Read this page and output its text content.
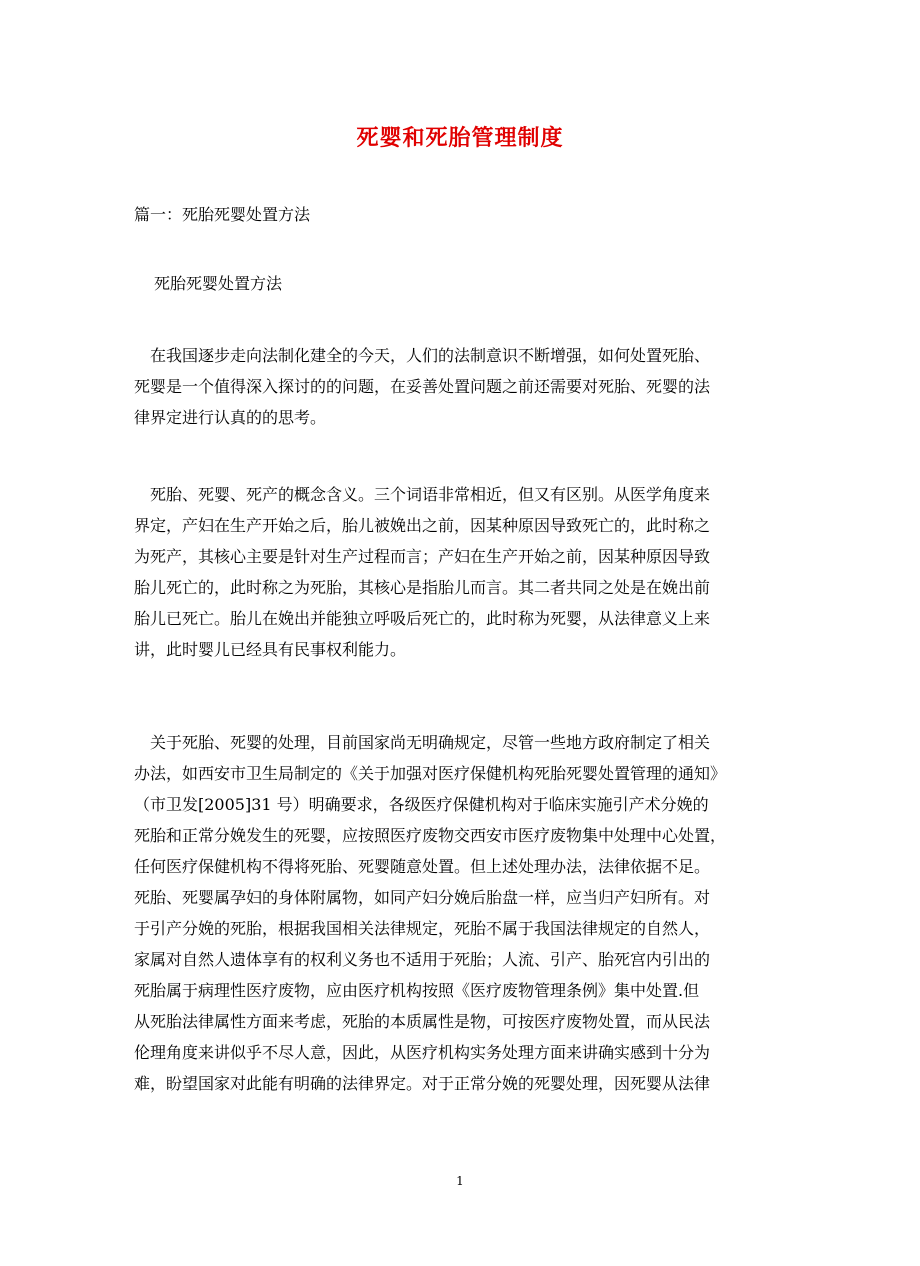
死婴和死胎管理制度
篇一：死胎死婴处置方法
死胎死婴处置方法
　在我国逐步走向法制化建全的今天，人们的法制意识不断增强，如何处置死胎、
死婴是一个值得深入探讨的的问题，在妥善处置问题之前还需要对死胎、死婴的法
律界定进行认真的的思考。
　死胎、死婴、死产的概念含义。三个词语非常相近，但又有区别。从医学角度来
界定，产妇在生产开始之后，胎儿被娩出之前，因某种原因导致死亡的，此时称之
为死产，其核心主要是针对生产过程而言；产妇在生产开始之前，因某种原因导致
胎儿死亡的，此时称之为死胎，其核心是指胎儿而言。其二者共同之处是在娩出前
胎儿已死亡。胎儿在娩出并能独立呼吸后死亡的，此时称为死婴，从法律意义上来
讲，此时婴儿已经具有民事权利能力。
　关于死胎、死婴的处理，目前国家尚无明确规定，尽管一些地方政府制定了相关
办法，如西安市卫生局制定的《关于加强对医疗保健机构死胎死婴处置管理的通知》
（市卫发[2005]31 号）明确要求，各级医疗保健机构对于临床实施引产术分娩的
死胎和正常分娩发生的死婴，应按照医疗废物交西安市医疗废物集中处理中心处置，
任何医疗保健机构不得将死胎、死婴随意处置。但上述处理办法，法律依据不足。
死胎、死婴属孕妇的身体附属物，如同产妇分娩后胎盘一样，应当归产妇所有。对
于引产分娩的死胎，根据我国相关法律规定，死胎不属于我国法律规定的自然人，
家属对自然人遗体享有的权利义务也不适用于死胎；人流、引产、胎死宫内引出的
死胎属于病理性医疗废物，应由医疗机构按照《医疗废物管理条例》集中处置.但
从死胎法律属性方面来考虑，死胎的本质属性是物，可按医疗废物处置，而从民法
伦理角度来讲似乎不尽人意，因此，从医疗机构实务处理方面来讲确实感到十分为
难，盼望国家对此能有明确的法律界定。对于正常分娩的死婴处理，因死婴从法律
1
